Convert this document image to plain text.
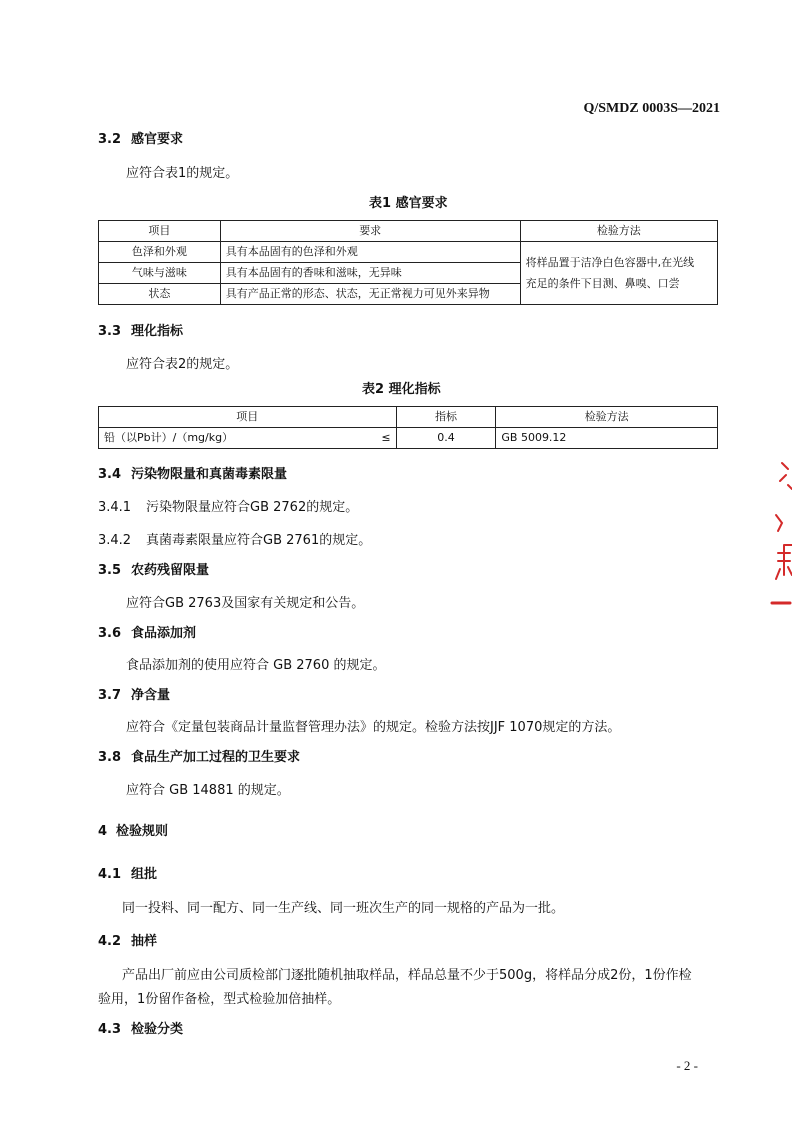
Q/SMDZ 0003S—2021
3.2 感官要求
应符合表1的规定。
表1 感官要求
项目	要求	检验方法
色泽和外观	具有本品固有的色泽和外观	将样品置于洁净白色容器中,在光线
充足的条件下目测、鼻嗅、口尝

气味与滋味	具有本品固有的香味和滋味，无异味	
状态	具有产品正常的形态、状态，无正常视力可见外来异物	
3.3 理化指标
应符合表2的规定。
表2 理化指标
项目	指标	检验方法
铅（以Pb计）/（mg/kg） ≤	0.4	GB 5009.12
3.4 污染物限量和真菌毒素限量
3.4.1 污染物限量应符合GB 2762的规定。
3.4.2 真菌毒素限量应符合GB 2761的规定。
3.5 农药残留限量
应符合GB 2763及国家有关规定和公告。
3.6 食品添加剂
食品添加剂的使用应符合 GB 2760 的规定。
3.7 净含量
应符合《定量包装商品计量监督管理办法》的规定。检验方法按JJF 1070规定的方法。
3.8 食品生产加工过程的卫生要求
应符合 GB 14881 的规定。
4 检验规则
4.1 组批
同一投料、同一配方、同一生产线、同一班次生产的同一规格的产品为一批。
4.2 抽样
产品出厂前应由公司质检部门逐批随机抽取样品，样品总量不少于500g，将样品分成2份，1份作检
验用，1份留作备检，型式检验加倍抽样。
4.3 检验分类
- 2 -
